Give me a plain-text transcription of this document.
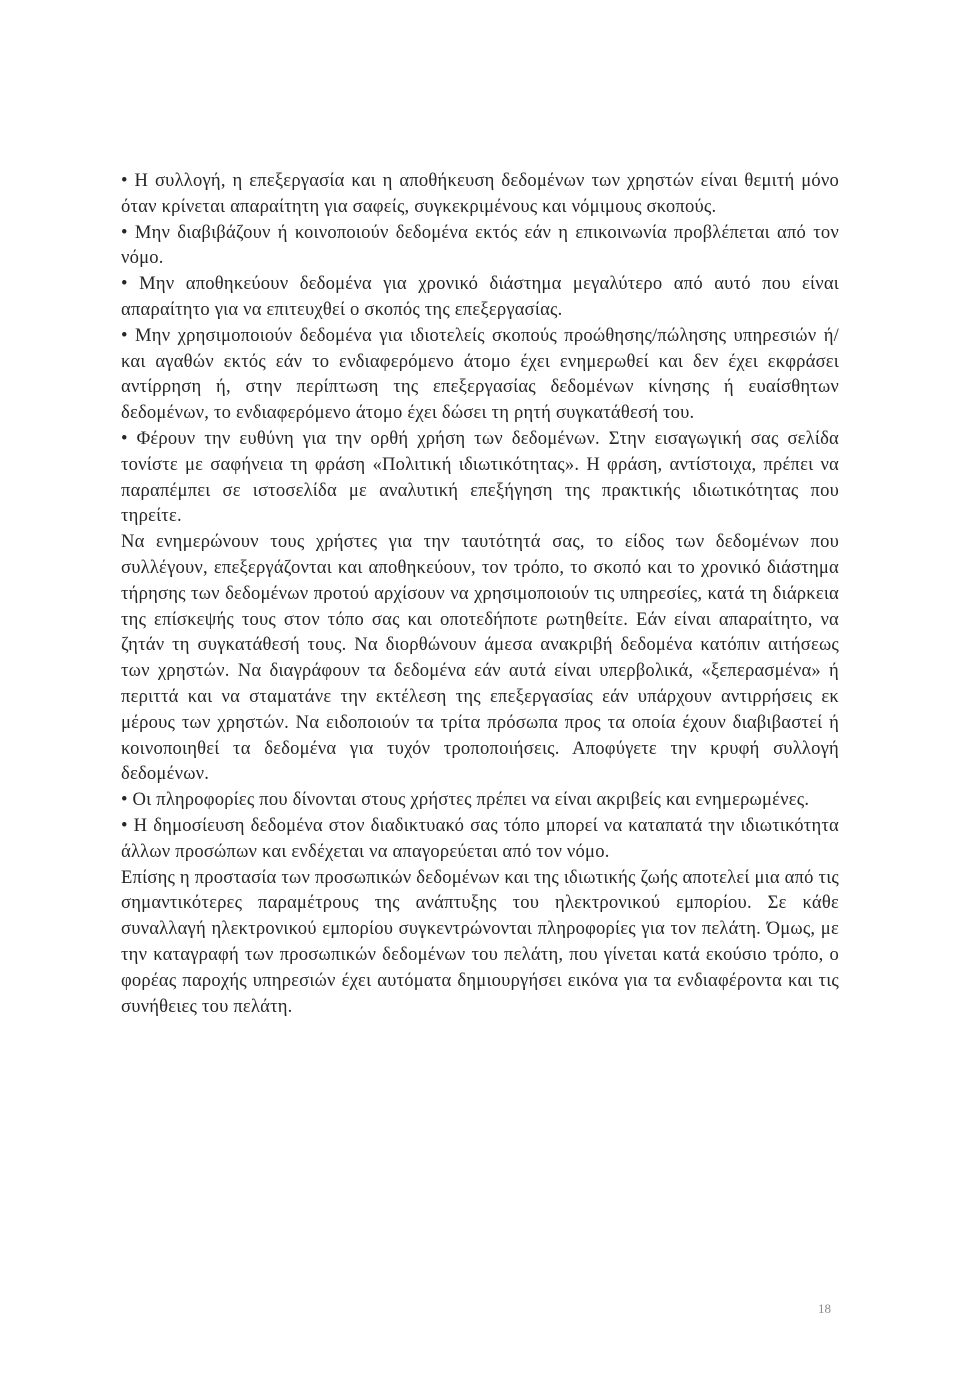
• Η συλλογή, η επεξεργασία και η αποθήκευση δεδομένων των χρηστών είναι θεμιτή μόνο όταν κρίνεται απαραίτητη για σαφείς, συγκεκριμένους και νόμιμους σκοπούς.

• Μην διαβιβάζουν ή κοινοποιούν δεδομένα εκτός εάν η επικοινωνία προβλέπεται από τον νόμο.

• Μην αποθηκεύουν δεδομένα για χρονικό διάστημα μεγαλύτερο από αυτό που είναι απαραίτητο για να επιτευχθεί ο σκοπός της επεξεργασίας.

• Μην χρησιμοποιούν δεδομένα για ιδιοτελείς σκοπούς προώθησης/πώλησης υπηρεσιών ή/και αγαθών εκτός εάν το ενδιαφερόμενο άτομο έχει ενημερωθεί και δεν έχει εκφράσει αντίρρηση ή, στην περίπτωση της επεξεργασίας δεδομένων κίνησης ή ευαίσθητων δεδομένων, το ενδιαφερόμενο άτομο έχει δώσει τη ρητή συγκατάθεσή του.

• Φέρουν την ευθύνη για την ορθή χρήση των δεδομένων. Στην εισαγωγική σας σελίδα τονίστε με σαφήνεια τη φράση «Πολιτική ιδιωτικότητας». Η φράση, αντίστοιχα, πρέπει να παραπέμπει σε ιστοσελίδα με αναλυτική επεξήγηση της πρακτικής ιδιωτικότητας που τηρείτε.

Να ενημερώνουν τους χρήστες για την ταυτότητά σας, το είδος των δεδομένων που συλλέγουν, επεξεργάζονται και αποθηκεύουν, τον τρόπο, το σκοπό και το χρονικό διάστημα τήρησης των δεδομένων προτού αρχίσουν να χρησιμοποιούν τις υπηρεσίες, κατά τη διάρκεια της επίσκεψής τους στον τόπο σας και οποτεδήποτε ρωτηθείτε. Εάν είναι απαραίτητο, να ζητάν τη συγκατάθεσή τους. Να διορθώνουν άμεσα ανακριβή δεδομένα κατόπιν αιτήσεως των χρηστών. Να διαγράφουν τα δεδομένα εάν αυτά είναι υπερβολικά, «ξεπερασμένα» ή περιττά και να σταματάνε την εκτέλεση της επεξεργασίας εάν υπάρχουν αντιρρήσεις εκ μέρους των χρηστών. Να ειδοποιούν τα τρίτα πρόσωπα προς τα οποία έχουν διαβιβαστεί ή κοινοποιηθεί τα δεδομένα για τυχόν τροποποιήσεις. Αποφύγετε την κρυφή συλλογή δεδομένων.

• Οι πληροφορίες που δίνονται στους χρήστες πρέπει να είναι ακριβείς και ενημερωμένες.

• Η δημοσίευση δεδομένα στον διαδικτυακό σας τόπο μπορεί να καταπατά την ιδιωτικότητα άλλων προσώπων και ενδέχεται να απαγορεύεται από τον νόμο.

Επίσης η προστασία των προσωπικών δεδομένων και της ιδιωτικής ζωής αποτελεί μια από τις σημαντικότερες παραμέτρους της ανάπτυξης του ηλεκτρονικού εμπορίου. Σε κάθε συναλλαγή ηλεκτρονικού εμπορίου συγκεντρώνονται πληροφορίες για τον πελάτη. Όμως, με την καταγραφή των προσωπικών δεδομένων του πελάτη, που γίνεται κατά εκούσιο τρόπο, ο φορέας παροχής υπηρεσιών έχει αυτόματα δημιουργήσει εικόνα για τα ενδιαφέροντα και τις συνήθειες του πελάτη.

18
